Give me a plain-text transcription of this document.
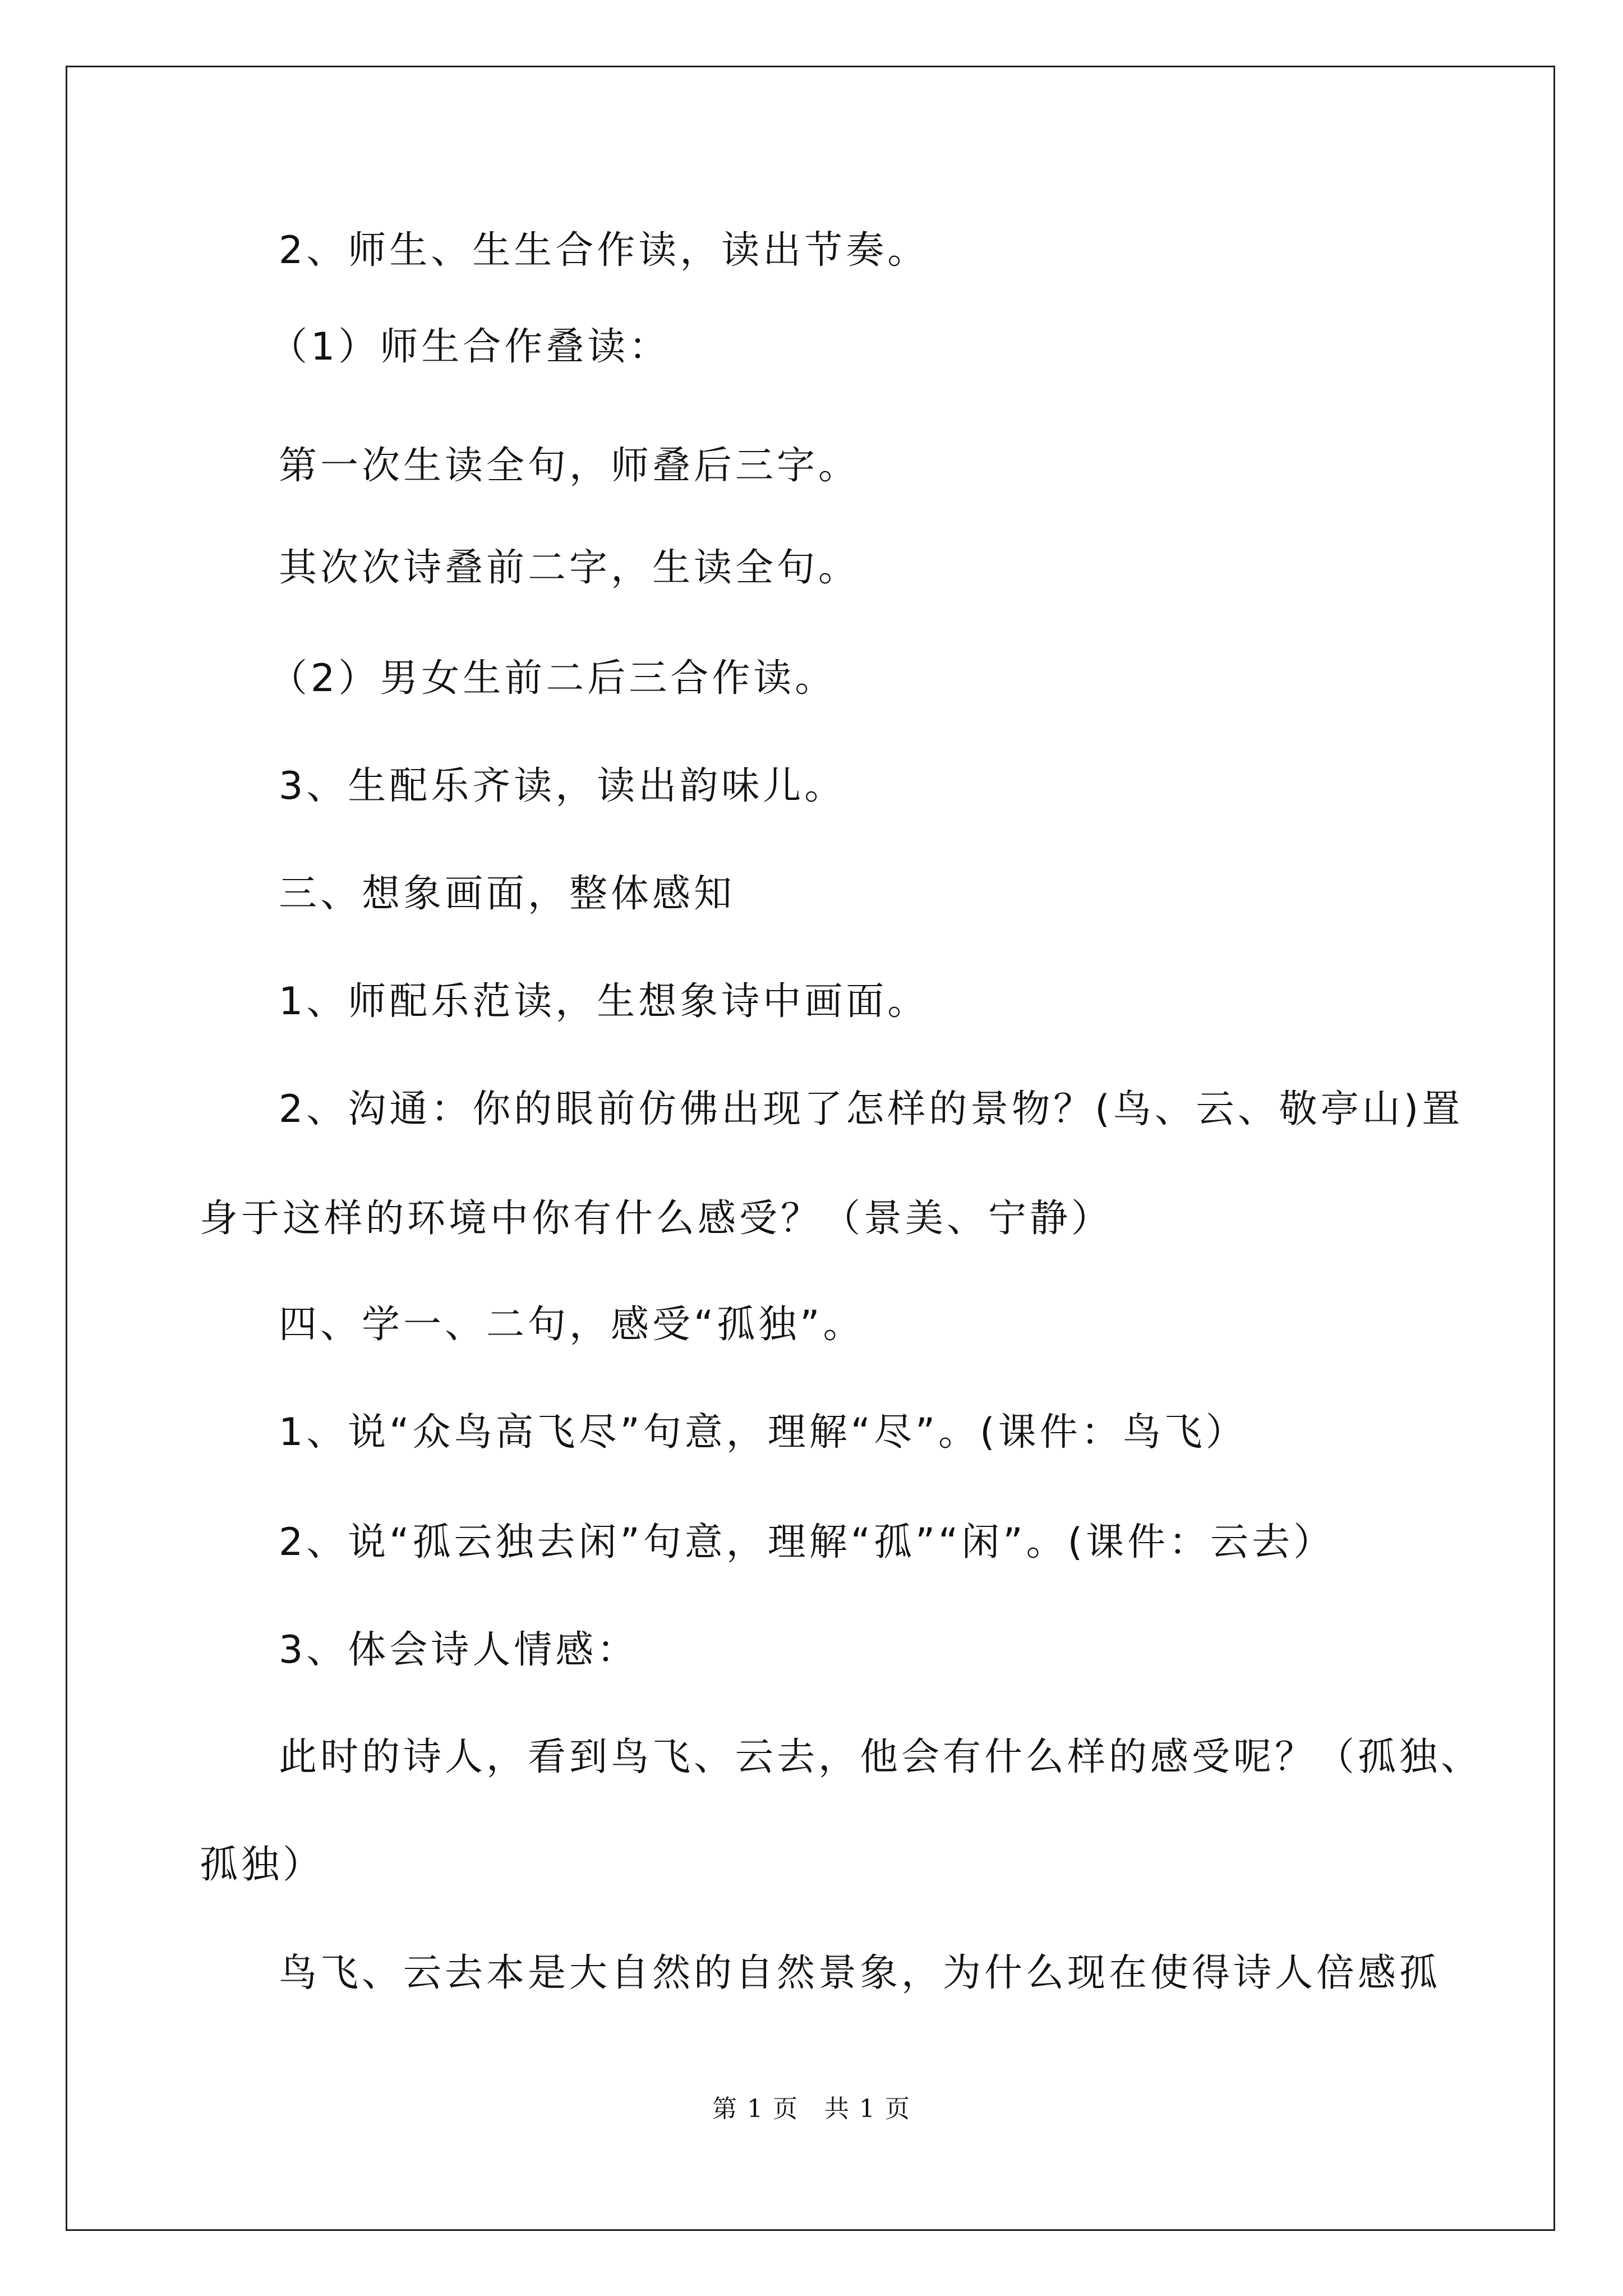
2、师生、生生合作读，读出节奏。
（1）师生合作叠读：
第一次生读全句，师叠后三字。
其次次诗叠前二字，生读全句。
（2）男女生前二后三合作读。
3、生配乐齐读，读出韵味儿。
三、想象画面，整体感知
1、师配乐范读，生想象诗中画面。
2、沟通：你的眼前仿佛出现了怎样的景物？(鸟、云、敬亭山)置
身于这样的环境中你有什么感受？（景美、宁静）
四、学一、二句，感受“孤独”。
1、说“众鸟高飞尽”句意，理解“尽”。(课件：鸟飞）
2、说“孤云独去闲”句意，理解“孤”“闲”。(课件：云去）
3、体会诗人情感：
此时的诗人，看到鸟飞、云去，他会有什么样的感受呢？（孤独、
孤独）
鸟飞、云去本是大自然的自然景象，为什么现在使得诗人倍感孤
第 1 页　共 1 页
